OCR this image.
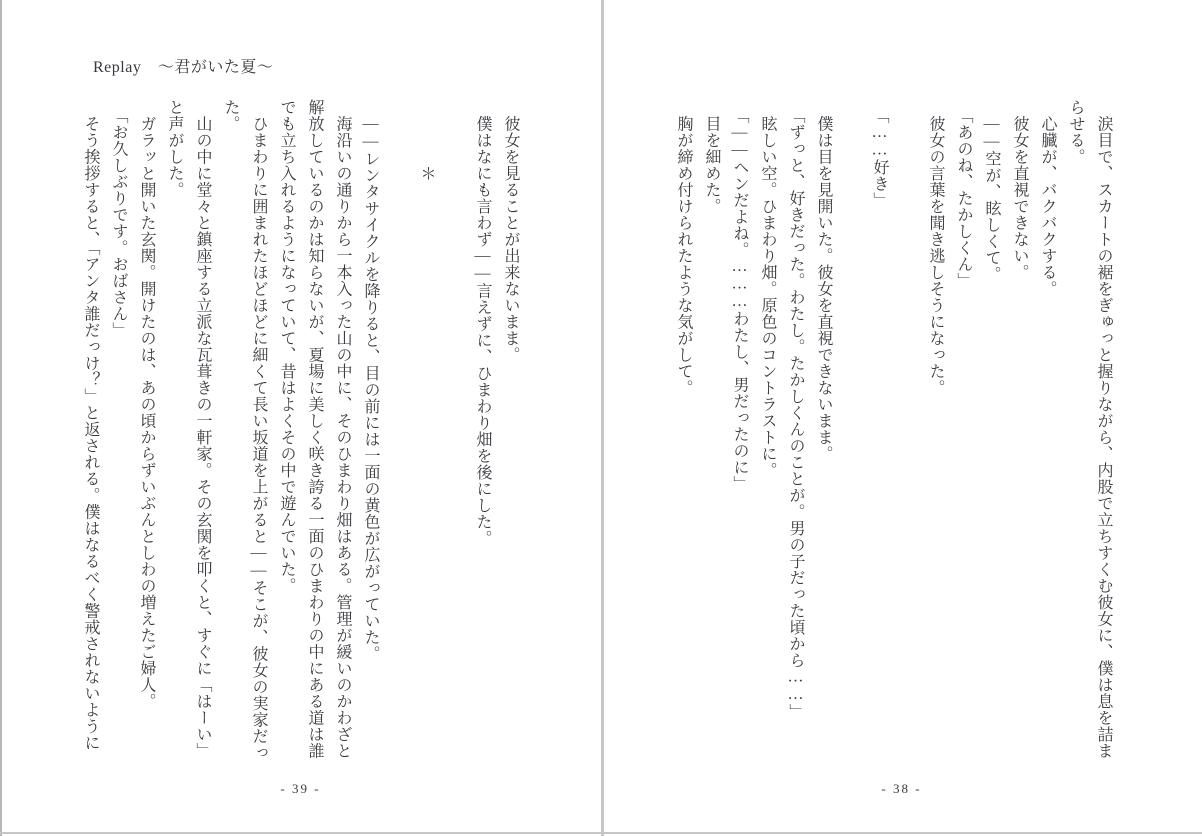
Replay　～君がいた夏～
　彼女を見ることが出来ないまま。
　僕はなにも言わず――言えずに、ひまわり畑を後にした。

　　　　＊

　――レンタサイクルを降りると、目の前には一面の黄色が広がっていた。
　海沿いの通りから一本入った山の中に、そのひまわり畑はある。管理が緩いのかわざと
解放しているのかは知らないが、夏場に美しく咲き誇る一面のひまわりの中にある道は誰
でも立ち入れるようになっていて、昔はよくその中で遊んでいた。
　ひまわりに囲まれたほどほどに細くて長い坂道を上がると――そこが、彼女の実家だっ
た。
　山の中に堂々と鎮座する立派な瓦葺きの一軒家。その玄関を叩くと、すぐに「はーい」
と声がした。
　ガラッと開いた玄関。開けたのは、あの頃からずいぶんとしわの増えたご婦人。
　「お久しぶりです。おばさん」
　そう挨拶すると、「アンタ誰だっけ？」と返される。僕はなるべく警戒されないように
- 39 -
　涙目で、スカートの裾をぎゅっと握りながら、内股で立ちすくむ彼女に、僕は息を詰ま
らせる。
　心臓が、バクバクする。
　彼女を直視できない。
　――空が、眩しくて。
　「あのね、たかしくん」
　彼女の言葉を聞き逃しそうになった。

　「……好き」

　僕は目を見開いた。彼女を直視できないまま。
　「ずっと、好きだった。わたし。たかしくんのことが。男の子だった頃から……」
　眩しい空。ひまわり畑。原色のコントラストに。
　「――ヘンだよね。………わたし、男だったのに」
　目を細めた。
　胸が締め付けられたような気がして。
- 38 -
